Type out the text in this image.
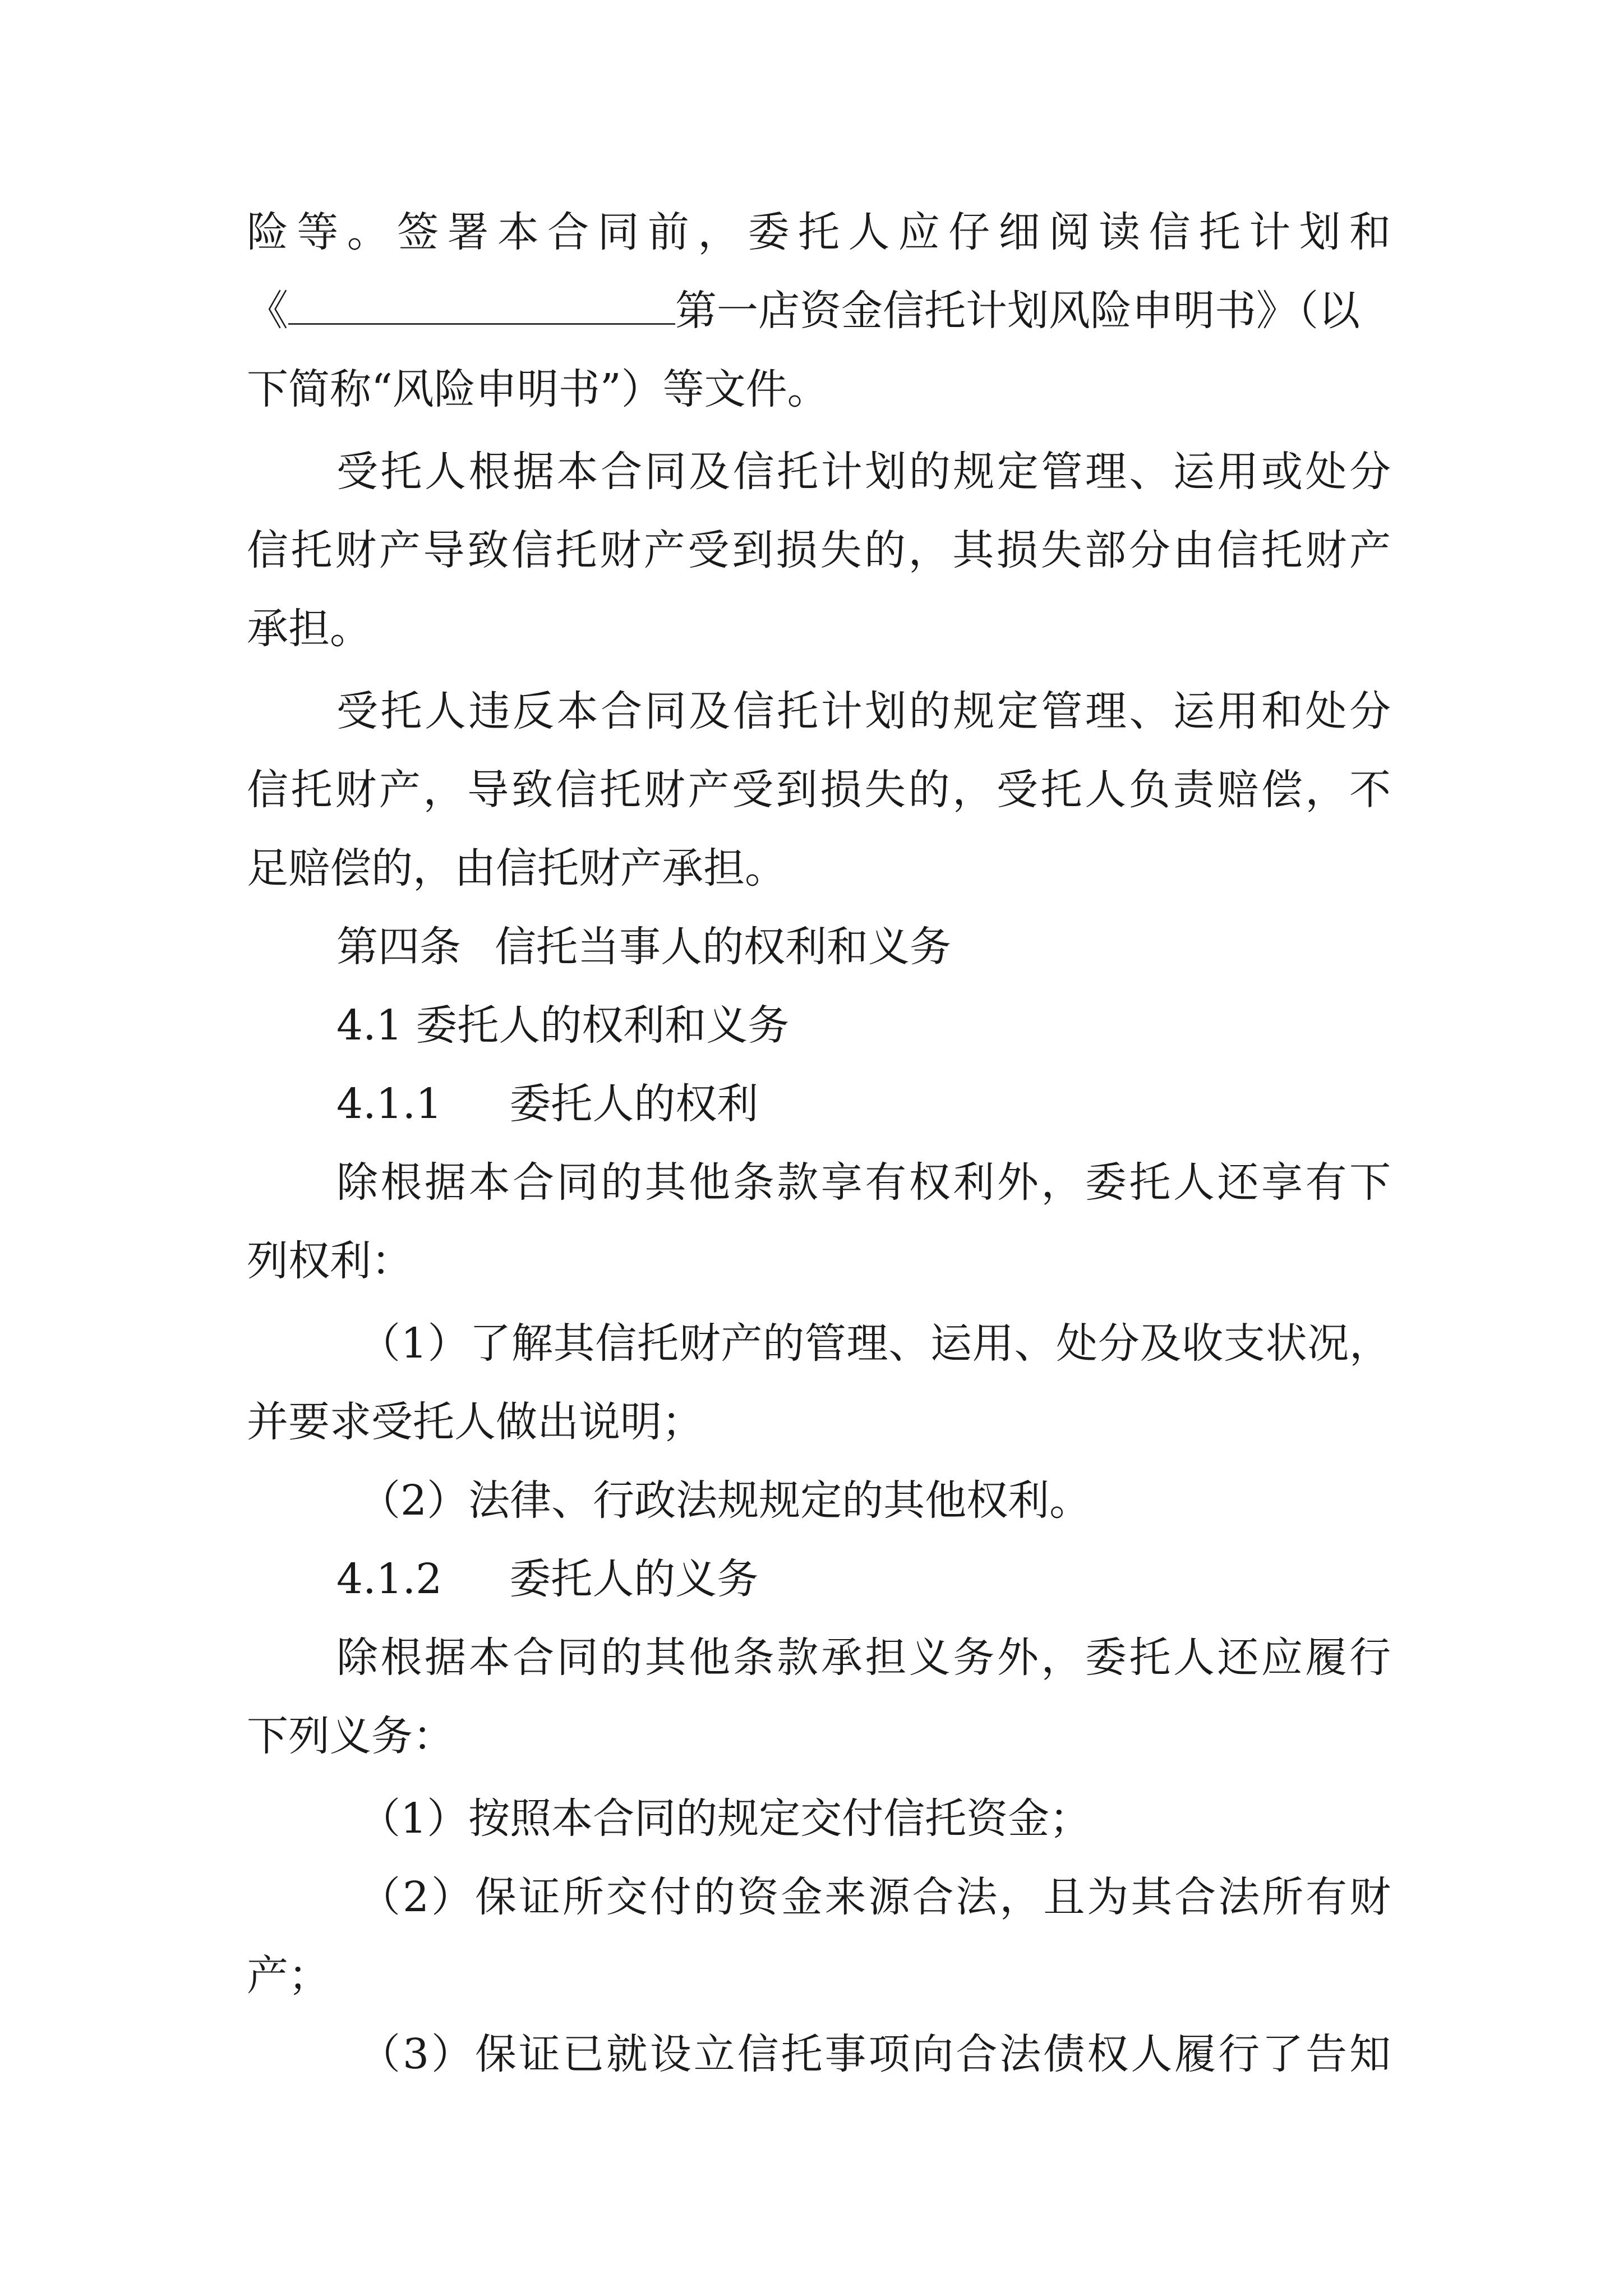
险等。签署本合同前，委托人应仔细阅读信托计划和
《	第一店资金信托计划风险申明书》（以
下简称“风险申明书”）等文件。
受托人根据本合同及信托计划的规定管理、运用或处分
信托财产导致信托财产受到损失的，其损失部分由信托财产
承担。
受托人违反本合同及信托计划的规定管理、运用和处分
信托财产，导致信托财产受到损失的，受托人负责赔偿，不
足赔偿的，由信托财产承担。
第四条 信托当事人的权利和义务
4.1 委托人的权利和义务
4.1.1 委托人的权利
除根据本合同的其他条款享有权利外，委托人还享有下
列权利：
（1）了解其信托财产的管理、运用、处分及收支状况，
并要求受托人做出说明；
（2）法律、行政法规规定的其他权利。
4.1.2 委托人的义务
除根据本合同的其他条款承担义务外，委托人还应履行
下列义务：
（1）按照本合同的规定交付信托资金；
（2）保证所交付的资金来源合法，且为其合法所有财
产；
（3）保证已就设立信托事项向合法债权人履行了告知
